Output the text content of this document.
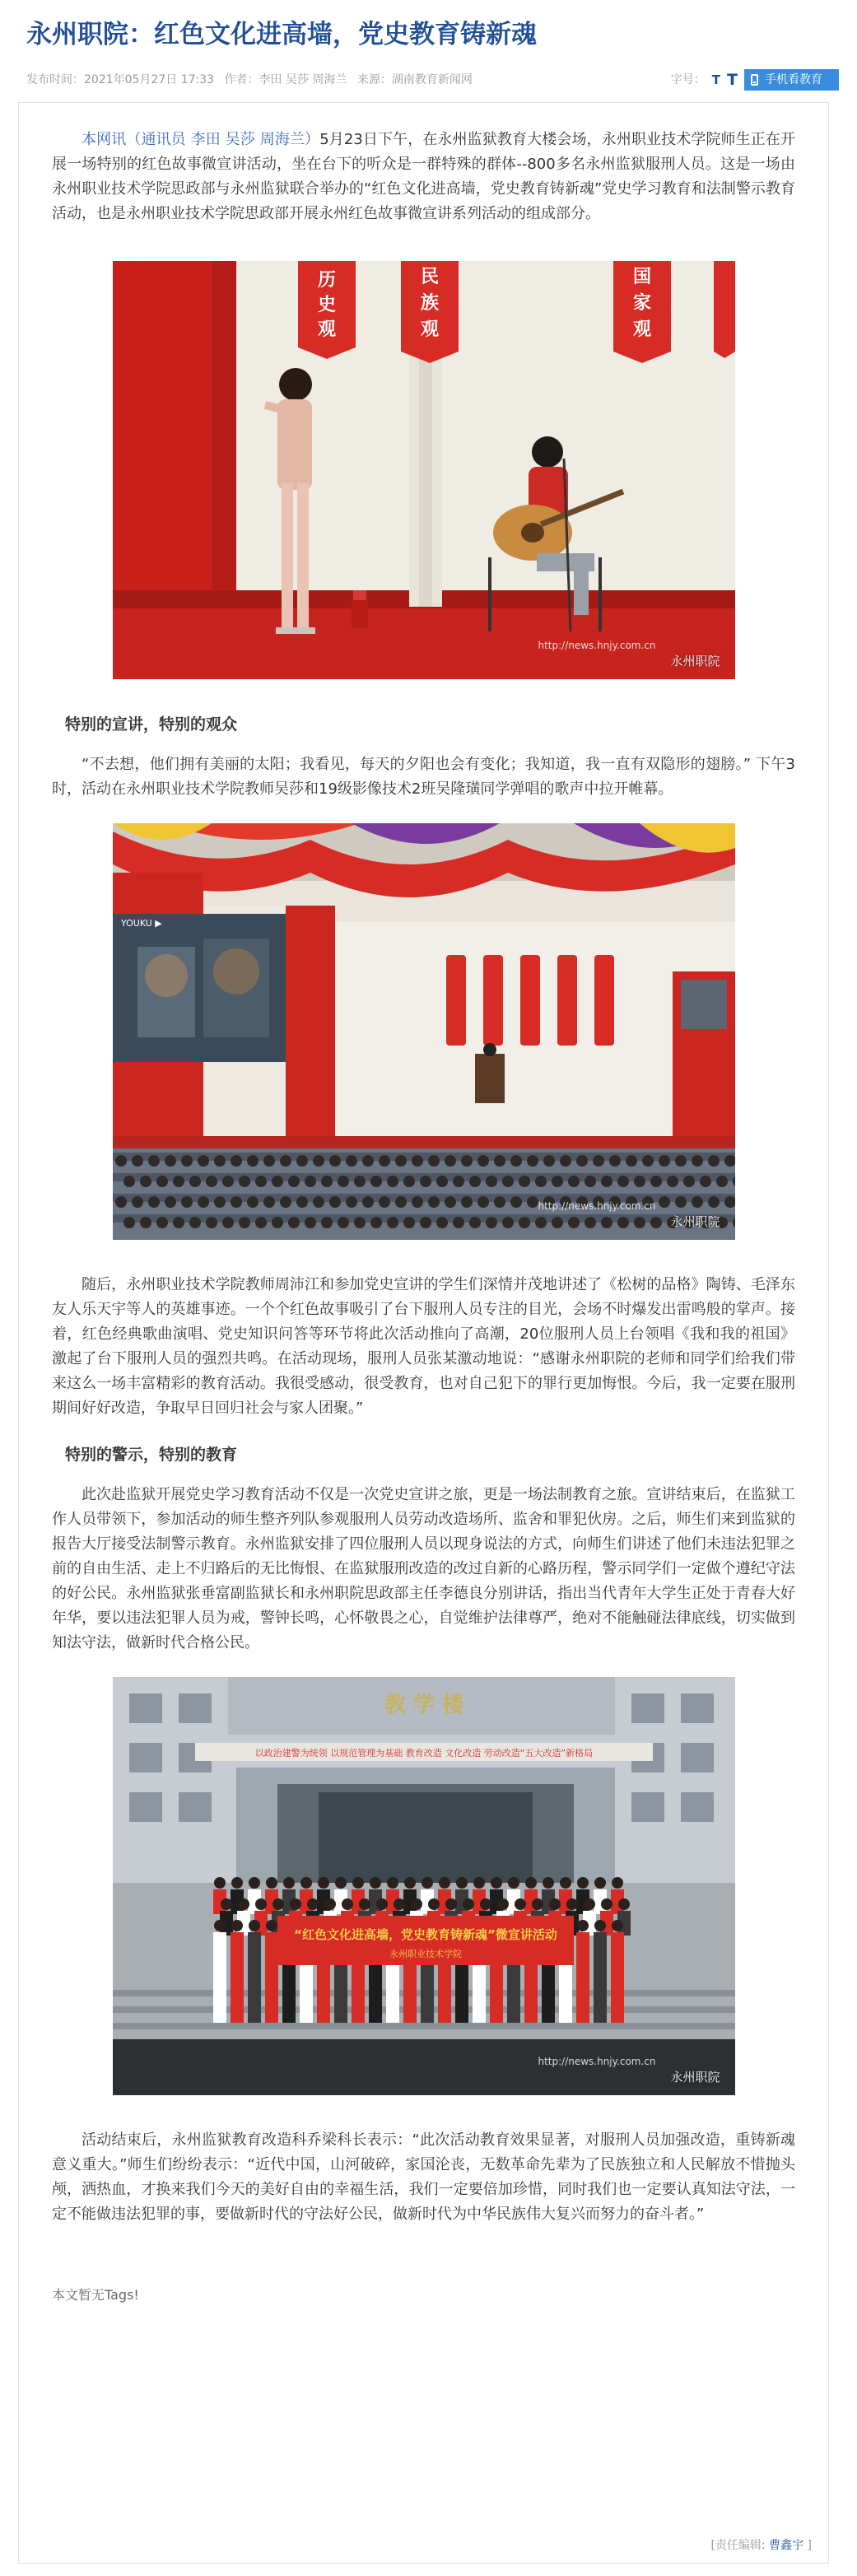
永州职院：红色文化进高墙，党史教育铸新魂
发布时间：2021年05月27日 17:33 作者：李田 吴莎 周海兰 来源：湖南教育新闻网	字号： T T 手机看教育

本网讯（通讯员 李田 吴莎 周海兰）5月23日下午，在永州监狱教育大楼会场，永州职业技术学院师生正在开展一场特别的红色故事微宣讲活动，坐在台下的听众是一群特殊的群体--800多名永州监狱服刑人员。这是一场由永州职业技术学院思政部与永州监狱联合举办的“红色文化进高墙，党史教育铸新魂”党史学习教育和法制警示教育活动，也是永州职业技术学院思政部开展永州红色故事微宣讲系列活动的组成部分。

民
族
观
历
史
观
国
家
观
http://news.hnjy.com.cn
永州职院
特别的宣讲，特别的观众

“不去想，他们拥有美丽的太阳；我看见，每天的夕阳也会有变化；我知道，我一直有双隐形的翅膀。” 下午3时，活动在永州职业技术学院教师吴莎和19级影像技术2班吴隆璜同学弹唱的歌声中拉开帷幕。

YOUKU ▶
http://news.hnjy.com.cn
永州职院

随后，永州职业技术学院教师周沛江和参加党史宣讲的学生们深情并茂地讲述了《松树的品格》陶铸、毛泽东友人乐天宇等人的英雄事迹。一个个红色故事吸引了台下服刑人员专注的目光，会场不时爆发出雷鸣般的掌声。接着，红色经典歌曲演唱、党史知识问答等环节将此次活动推向了高潮，20位服刑人员上台领唱《我和我的祖国》激起了台下服刑人员的强烈共鸣。在活动现场，服刑人员张某激动地说：“感谢永州职院的老师和同学们给我们带来这么一场丰富精彩的教育活动。我很受感动，很受教育，也对自己犯下的罪行更加悔恨。今后，我一定要在服刑期间好好改造，争取早日回归社会与家人团聚。”

特别的警示，特别的教育

此次赴监狱开展党史学习教育活动不仅是一次党史宣讲之旅，更是一场法制教育之旅。宣讲结束后，在监狱工作人员带领下，参加活动的师生整齐列队参观服刑人员劳动改造场所、监舍和罪犯伙房。之后，师生们来到监狱的报告大厅接受法制警示教育。永州监狱安排了四位服刑人员以现身说法的方式，向师生们讲述了他们未违法犯罪之前的自由生活、走上不归路后的无比悔恨、在监狱服刑改造的改过自新的心路历程，警示同学们一定做个遵纪守法的好公民。永州监狱张垂富副监狱长和永州职院思政部主任李德良分别讲话，指出当代青年大学生正处于青春大好年华，要以违法犯罪人员为戒，警钟长鸣，心怀敬畏之心，自觉维护法律尊严，绝对不能触碰法律底线，切实做到知法守法，做新时代合格公民。

教 学 楼
以政治建警为统领 以规范管理为基础 教育改造 文化改造 劳动改造“五大改造”新格局
“红色文化进高墙，党史教育铸新魂”微宣讲活动
永州职业技术学院
http://news.hnjy.com.cn
永州职院

活动结束后，永州监狱教育改造科乔梁科长表示：“此次活动教育效果显著，对服刑人员加强改造，重铸新魂意义重大。”师生们纷纷表示：“近代中国，山河破碎，家国沦丧，无数革命先辈为了民族独立和人民解放不惜抛头颅，洒热血，才换来我们今天的美好自由的幸福生活，我们一定要倍加珍惜，同时我们也一定要认真知法守法，一定不能做违法犯罪的事，要做新时代的守法好公民，做新时代为中华民族伟大复兴而努力的奋斗者。”

本文暂无Tags!
[责任编辑: 曹鑫宇 ]
